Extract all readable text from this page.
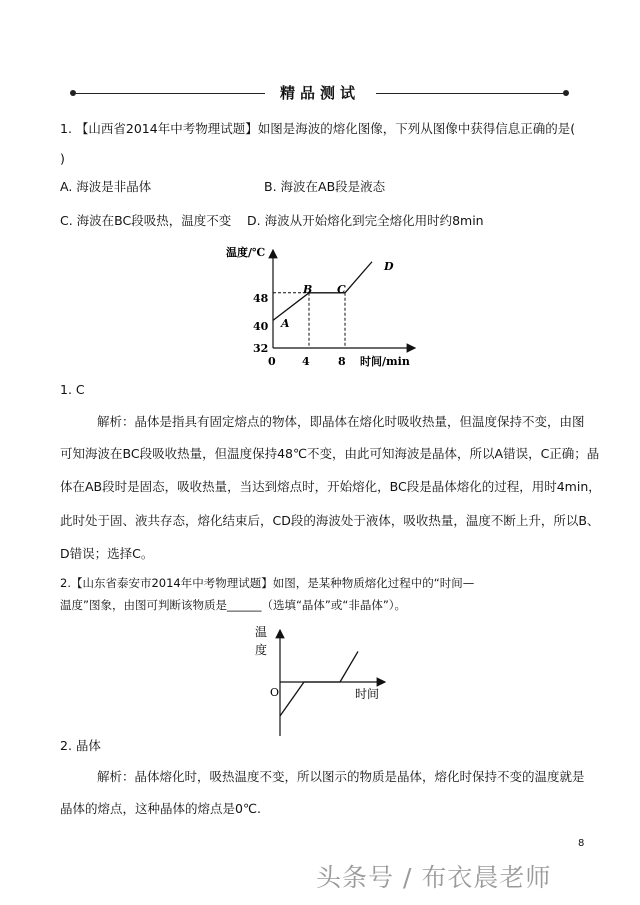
精品测试
1. 【山西省2014年中考物理试题】如图是海波的熔化图像，下列从图像中获得信息正确的是(
)
A. 海波是非晶体	B. 海波在AB段是液态
C. 海波在BC段吸热，温度不变 D. 海波从开始熔化到完全熔化用时约8min
温度/℃
时间/min
0
48
40
32
4	8
A
B C
D
1. C
解析：晶体是指具有固定熔点的物体，即晶体在熔化时吸收热量，但温度保持不变，由图
可知海波在BC段吸收热量，但温度保持48℃不变，由此可知海波是晶体，所以A错误，C正确；晶
体在AB段时是固态，吸收热量，当达到熔点时，开始熔化，BC段是晶体熔化的过程，用时4min，
此时处于固、液共存态，熔化结束后，CD段的海波处于液体，吸收热量，温度不断上升，所以B、
D错误；选择C。
2.【山东省泰安市2014年中考物理试题】如图，是某种物质熔化过程中的“时间—
温度”图象，由图可判断该物质是______（选填“晶体”或“非晶体”）。
温
度
时间
O
2. 晶体
解析：晶体熔化时，吸热温度不变，所以图示的物质是晶体，熔化时保持不变的温度就是
晶体的熔点，这种晶体的熔点是0℃.
8
头条号 / 布衣晨老师
